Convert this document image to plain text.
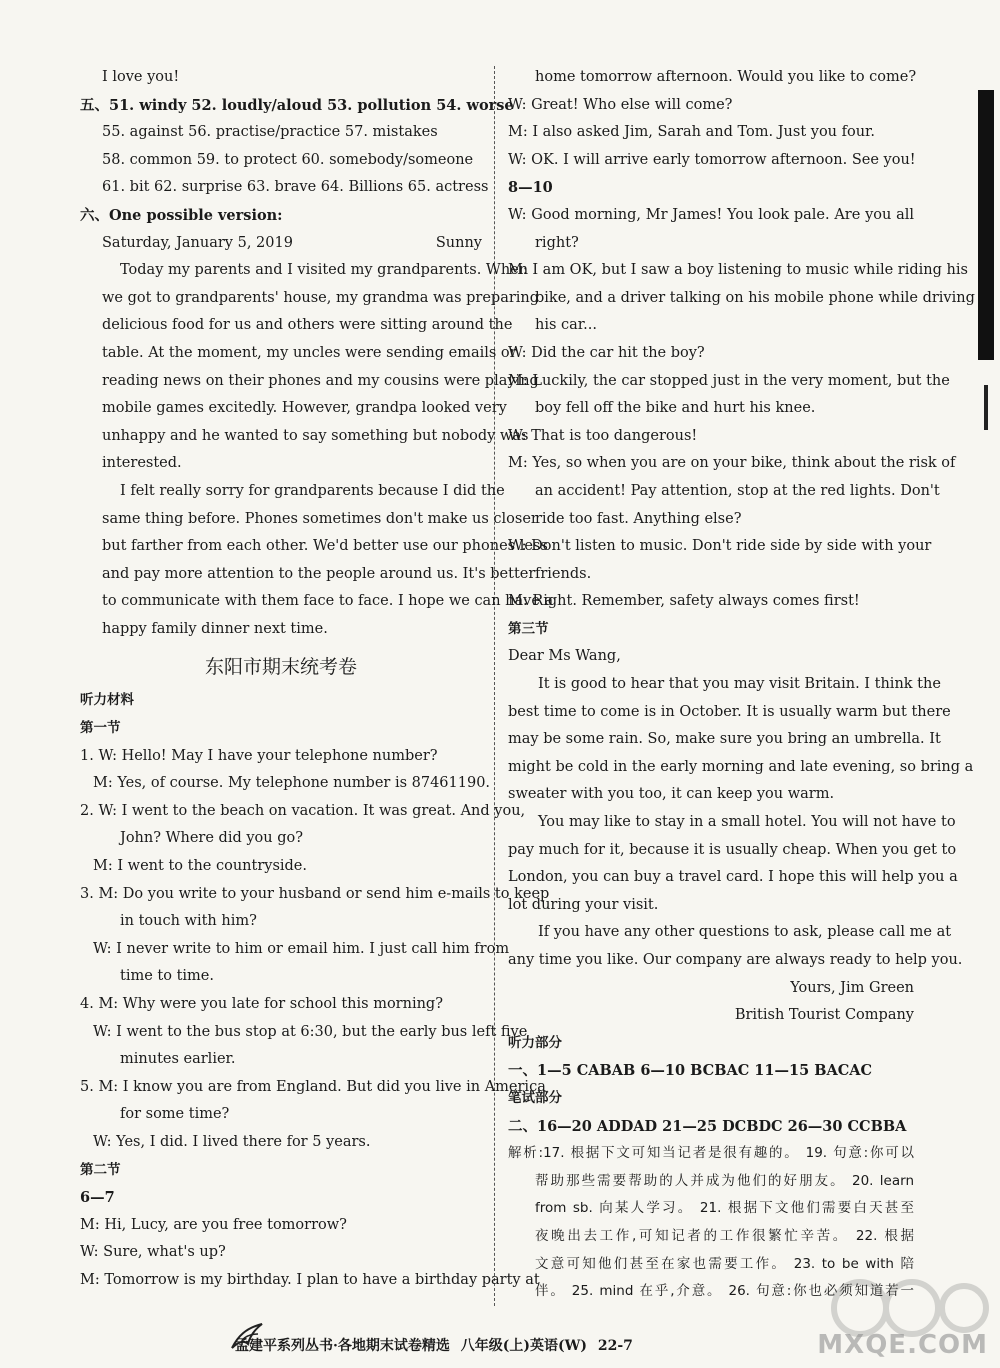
I love you!
五、51. windy 52. loudly/aloud 53. pollution 54. worse
55. against 56. practise/practice 57. mistakes
58. common 59. to protect 60. somebody/someone
61. bit 62. surprise 63. brave 64. Billions 65. actress
六、One possible version:
Saturday, January 5, 2019	Sunny
Today my parents and I visited my grandparents. When
we got to grandparents' house, my grandma was preparing
delicious food for us and others were sitting around the
table. At the moment, my uncles were sending emails or
reading news on their phones and my cousins were playing
mobile games excitedly. However, grandpa looked very
unhappy and he wanted to say something but nobody was
interested.
I felt really sorry for grandparents because I did the
same thing before. Phones sometimes don't make us closer
but farther from each other. We'd better use our phones less
and pay more attention to the people around us. It's better
to communicate with them face to face. I hope we can have a
happy family dinner next time.
东阳市期末统考卷
听力材料
第一节
1. W: Hello! May I have your telephone number?
M: Yes, of course. My telephone number is 87461190.
2. W: I went to the beach on vacation. It was great. And you,
John? Where did you go?
M: I went to the countryside.
3. M: Do you write to your husband or send him e-mails to keep
in touch with him?
W: I never write to him or email him. I just call him from
time to time.
4. M: Why were you late for school this morning?
W: I went to the bus stop at 6:30, but the early bus left five
minutes earlier.
5. M: I know you are from England. But did you live in America
for some time?
W: Yes, I did. I lived there for 5 years.
第二节
6—7
M: Hi, Lucy, are you free tomorrow?
W: Sure, what's up?
M: Tomorrow is my birthday. I plan to have a birthday party at
home tomorrow afternoon. Would you like to come?
W: Great! Who else will come?
M: I also asked Jim, Sarah and Tom. Just you four.
W: OK. I will arrive early tomorrow afternoon. See you!
8—10
W: Good morning, Mr James! You look pale. Are you all
right?
M: I am OK, but I saw a boy listening to music while riding his
bike, and a driver talking on his mobile phone while driving
his car...
W: Did the car hit the boy?
M: Luckily, the car stopped just in the very moment, but the
boy fell off the bike and hurt his knee.
W: That is too dangerous!
M: Yes, so when you are on your bike, think about the risk of
an accident! Pay attention, stop at the red lights. Don't
ride too fast. Anything else?
W: Don't listen to music. Don't ride side by side with your
friends.
M: Right. Remember, safety always comes first!
第三节
Dear Ms Wang,
It is good to hear that you may visit Britain. I think the
best time to come is in October. It is usually warm but there
may be some rain. So, make sure you bring an umbrella. It
might be cold in the early morning and late evening, so bring a
sweater with you too, it can keep you warm.
You may like to stay in a small hotel. You will not have to
pay much for it, because it is usually cheap. When you get to
London, you can buy a travel card. I hope this will help you a
lot during your visit.
If you have any other questions to ask, please call me at
any time you like. Our company are always ready to help you.
Yours, Jim Green
British Tourist Company
听力部分
一、1—5 CABAB 6—10 BCBAC 11—15 BACAC
笔试部分
二、16—20 ADDAD 21—25 DCBDC 26—30 CCBBA
解析:17. 根据下文可知当记者是很有趣的。 19. 句意:你可以
帮助那些需要帮助的人并成为他们的好朋友。 20. learn
from sb. 向某人学习。 21. 根据下文他们需要白天甚至
夜晚出去工作,可知记者的工作很繁忙辛苦。 22. 根据
文意可知他们甚至在家也需要工作。 23. to be with 陪
伴。 25. mind 在乎,介意。 26. 句意:你也必须知道若一
孟建平系列丛书·各地期末试卷精选 八年级(上)英语(W) 22-7	MXQE.COM
